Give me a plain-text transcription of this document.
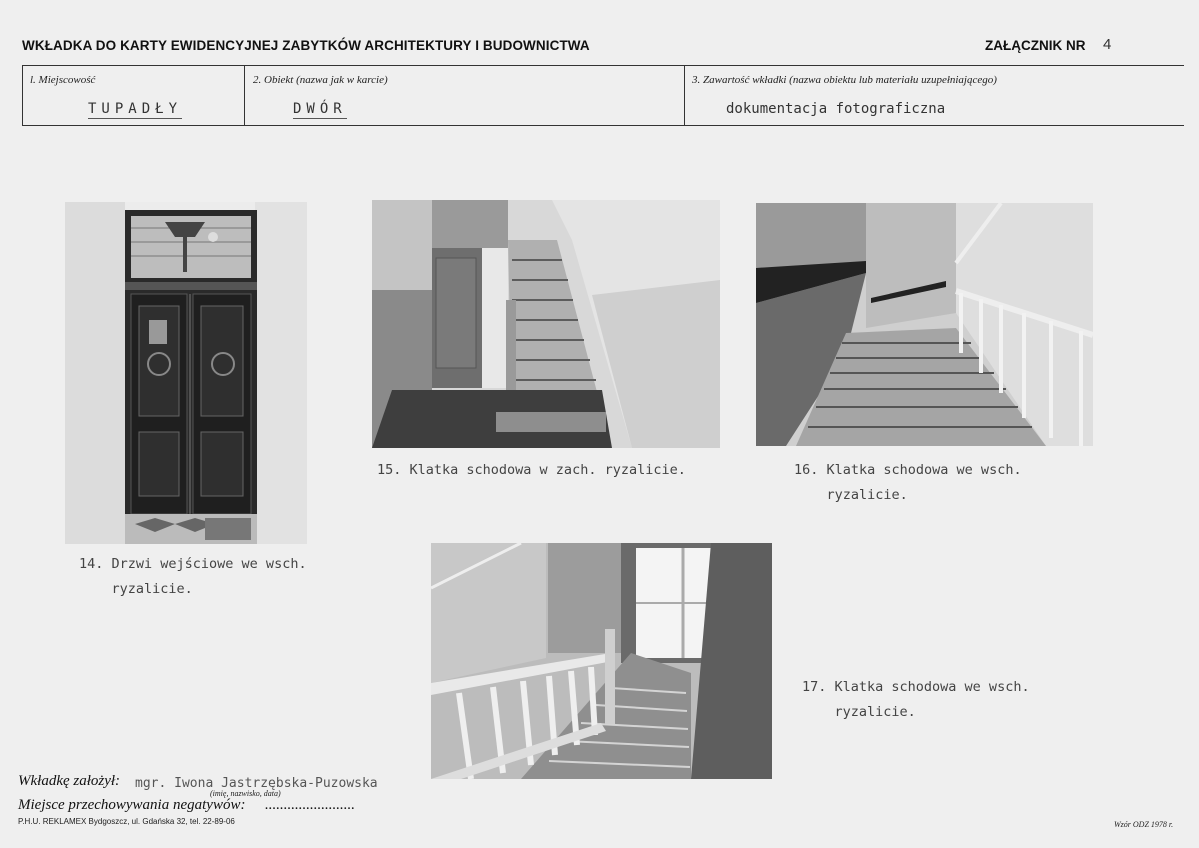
WKŁADKA DO KARTY EWIDENCYJNEJ ZABYTKÓW ARCHITEKTURY I BUDOWNICTWA	ZAŁĄCZNIK NR 4
l. Miejscowość
TUPADŁY
2. Obiekt (nazwa jak w karcie)
DWÓR
3. Zawartość wkładki (nazwa obiektu lub materiału uzupełniającego)
dokumentacja fotograficzna
14. Drzwi wejściowe we wsch.
ryzalicie.
15. Klatka schodowa w zach. ryzalicie.	16. Klatka schodowa we wsch.
ryzalicie.
17. Klatka schodowa we wsch.
ryzalicie.
Wkładkę założył: mgr. Iwona Jastrzębska-Puzowska
(imię, nazwisko, data)
Miejsce przechowywania negatywów: ........................
P.H.U. REKLAMEX Bydgoszcz, ul. Gdańska 32, tel. 22-89-06	Wzór ODZ 1978 r.
